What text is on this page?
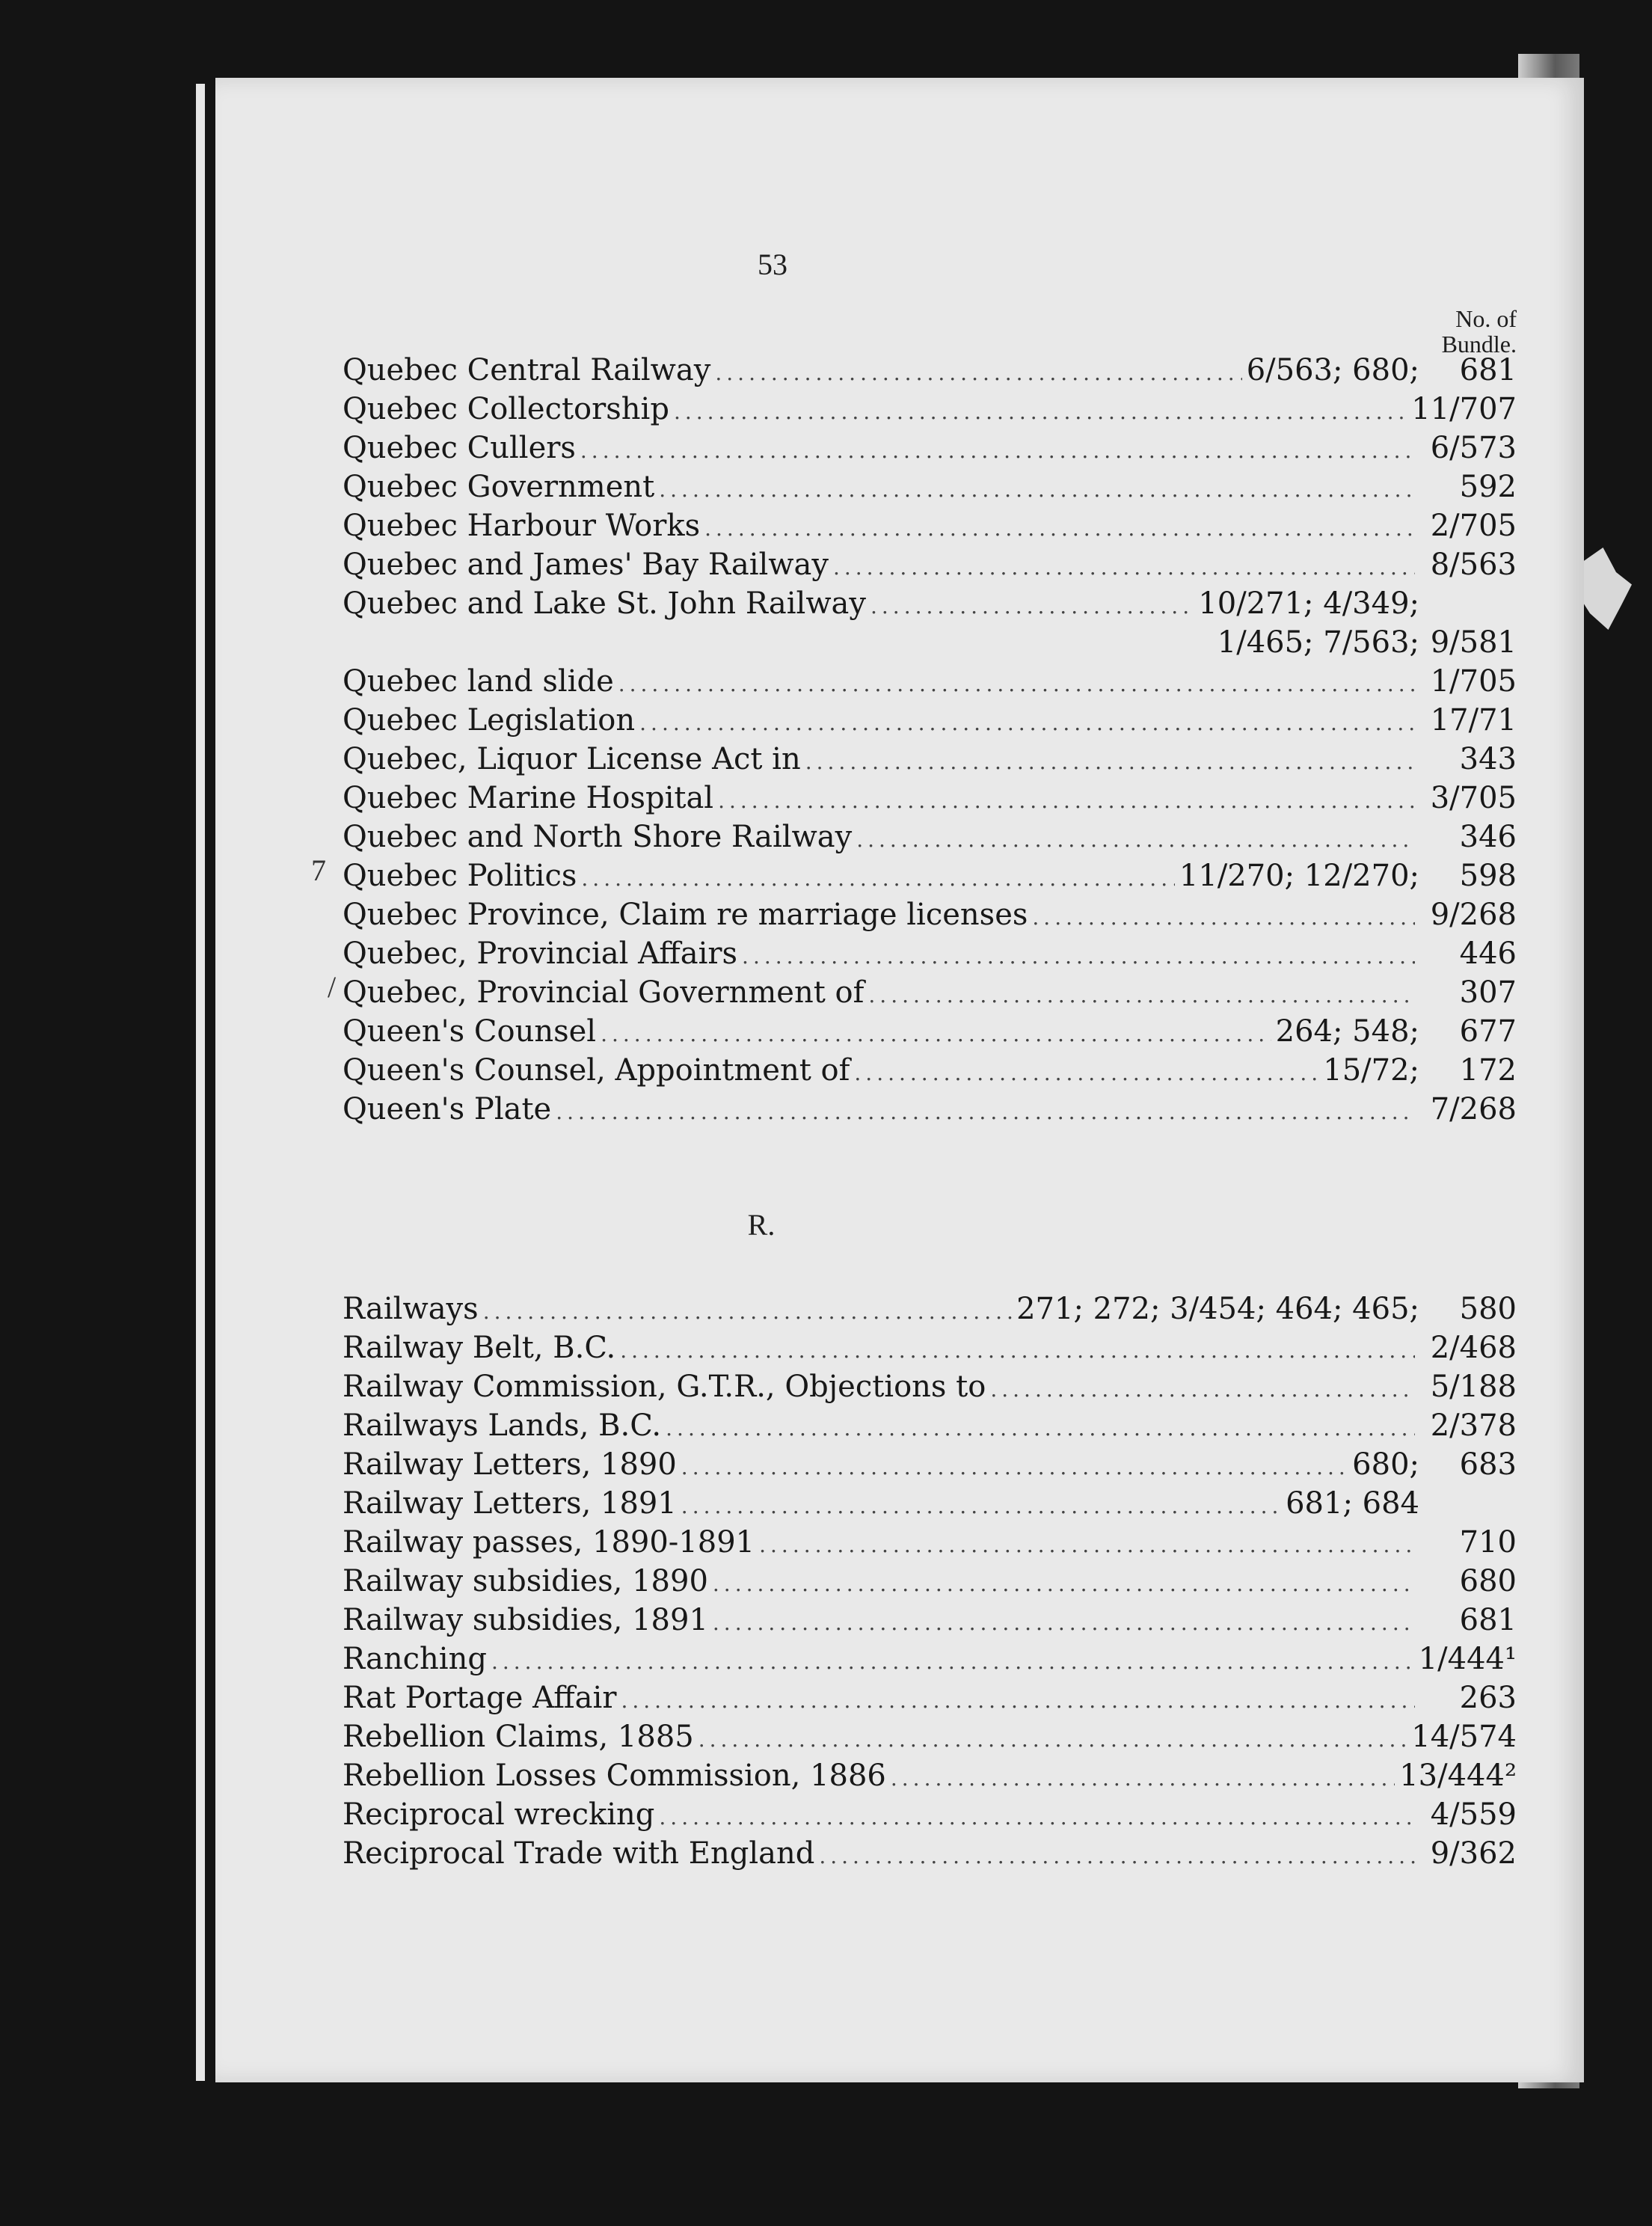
53
No. of
Bundle.
7
/
Quebec Central Railway .....	6/563; 680;	681
Quebec Collectorship .....	11/707
Quebec Cullers .....	6/573
Quebec Government .....	592
Quebec Harbour Works .....	2/705
Quebec and James' Bay Railway .....	8/563
Quebec and Lake St. John Railway .....	10/271; 4/349;
1/465; 7/563; 9/581
Quebec land slide .....	1/705
Quebec Legislation .....	17/71
Quebec, Liquor License Act in .....	343
Quebec Marine Hospital .....	3/705
Quebec and North Shore Railway .....	346
Quebec Politics .....	11/270; 12/270;	598
Quebec Province, Claim re marriage licenses .....	9/268
Quebec, Provincial Affairs .....	446
Quebec, Provincial Government of .....	307
Queen's Counsel .....	264; 548;	677
Queen's Counsel, Appointment of .....	15/72;	172
Queen's Plate .....	7/268
R.
Railways .....	271; 272; 3/454; 464; 465;	580
Railway Belt, B.C. .....	2/468
Railway Commission, G.T.R., Objections to .....	5/188
Railways Lands, B.C. .....	2/378
Railway Letters, 1890 .....	680;	683
Railway Letters, 1891 .....	681; 684
Railway passes, 1890-1891 .....	710
Railway subsidies, 1890 .....	680
Railway subsidies, 1891 .....	681
Ranching .....	1/444¹
Rat Portage Affair .....	263
Rebellion Claims, 1885 .....	14/574
Rebellion Losses Commission, 1886 .....	13/444²
Reciprocal wrecking .....	4/559
Reciprocal Trade with England .....	9/362
